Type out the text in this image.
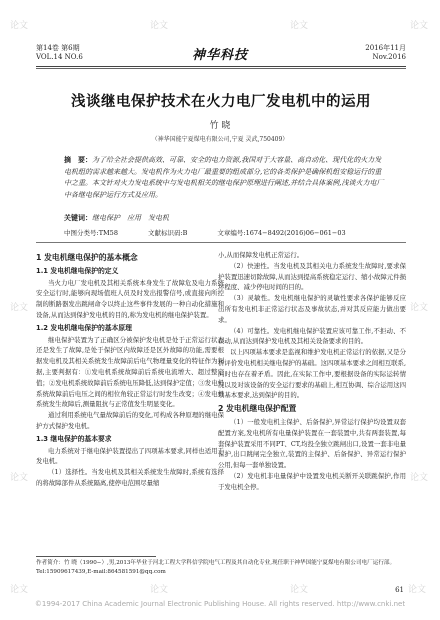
第14卷 第6期
VOL.14 NO.6	神华科技	2016年11月
Nov.2016
浅谈继电保护技术在火力电厂发电机中的运用
竹 晓
（神华国能宁夏煤电有限公司,宁夏 灵武,750409）
摘　要：为了给全社会提供高效、可靠、安全的电力资源,我国对于大容量、高自动化、现代化的火力发电机组的需求越来越大。发电机作为火力电厂最重要的组成部分,它的各类保护是确保机组安稳运行的重中之重。本文针对火力发电系统中与发电机相关的继电保护原理进行阐述,并结合具体案例,浅谈火力电厂中各继电保护运行方式及应用。
关键词：继电保护　应用　发电机
中图分类号:TM58	文献标识码:B	文章编号:1674−8492(2016)06−061−03
1 发电机继电保护的基本概念
1.1 发电机继电保护的定义

当火力电厂发电机及其相关系统本身发生了故障危及电力系统安全运行时,能够向现场值班人员及时发出报警信号,或直接向所控制的断路器发出跳闸命令以终止这些事件发展的一种自动化措施和设备,从而达到保护发电机的目的,称为发电机的继电保护装置。

1.2 发电机继电保护的基本原理

继电保护装置为了正确区分被保护发电机是处于正常运行状态还是发生了故障,是处于保护区内故障还是区外故障的功能,需要根据发电机及其相关系统发生故障前后电气物理量变化的特征作为判据,主要判据有：①发电机系统故障前后系统电流增大、超过整定值；②发电机系统故障前后系统电压降低,达到保护定值；③发电机系统故障前后电压之间的相位角较正常运行时发生改变；④发电机系统发生故障后,测量阻抗与正常值发生明显变化。

通过利用系统电气量故障前后的变化,可构成各种原理的继电保护方式保护发电机。

1.3 继电保护的基本要求

电力系统对于继电保护装置提出了四项基本要求,同样也适用于发电机。

（1）选择性。当发电机及其相关系统发生故障时,系统有选择的将故障部件从系统隔离,使停电范围尽量缩

小,从而保障发电机正常运行。

（2）快速性。当发电机及其相关电力系统发生故障时,要求保护装置迅速切除故障,从而达到提高系统稳定运行、缩小故障元件损坏程度、减少停电时间的目的。

（3）灵敏性。发电机继电保护的灵敏性要求各保护能够反应出所有发电机非正常运行状态及事故状态,并对其反应能力做出要求。

（4）可靠性。发电机继电保护装置应该可靠工作,不拒动、不误动,从而达到保护发电机及其相关设备要求的目的。

以上四项基本要求是监视和维护发电机正常运行的依据,又是分析评价发电机相关继电保护的基础。这四项基本要求之间相互联系,同时也存在着矛盾。因此,在实际工作中,要根据设备的实际运转情况以及对该设备的安全运行要求的基础上,相互协调、综合运用这四项基本要求,达到保护的目的。

2 发电机继电保护配置

（1）一般发电机主保护、后备保护,异常运行保护均设置双套配置方案,发电机所有电量保护装置在一套装置中,共有两套装置,每套保护装置采用不同PT、CT,均投全独立跳闸出口,设置一套非电量保护,出口跳闸完全独立,装置的主保护、后备保护、异常运行保护公用,但每一套单独设置。

（2）发电机非电量保护中设置发电机关断开关联跳保护,作用于发电机全停。

作者简介：竹 晓（1990−）,男,2013年毕业于河北工程大学科信学院电气工程及其自动化专业,现任职于神华国能宁夏煤电有限公司电厂运行部。Tel:15909617439,E-mail:864581591@qq.com
61
©1994-2017 China Academic Journal Electronic Publishing House. All rights reserved. http://www.cnki.net
论文	论文	论文	论文
论文	论文
论文	论文
论文	论文	论文	论文
